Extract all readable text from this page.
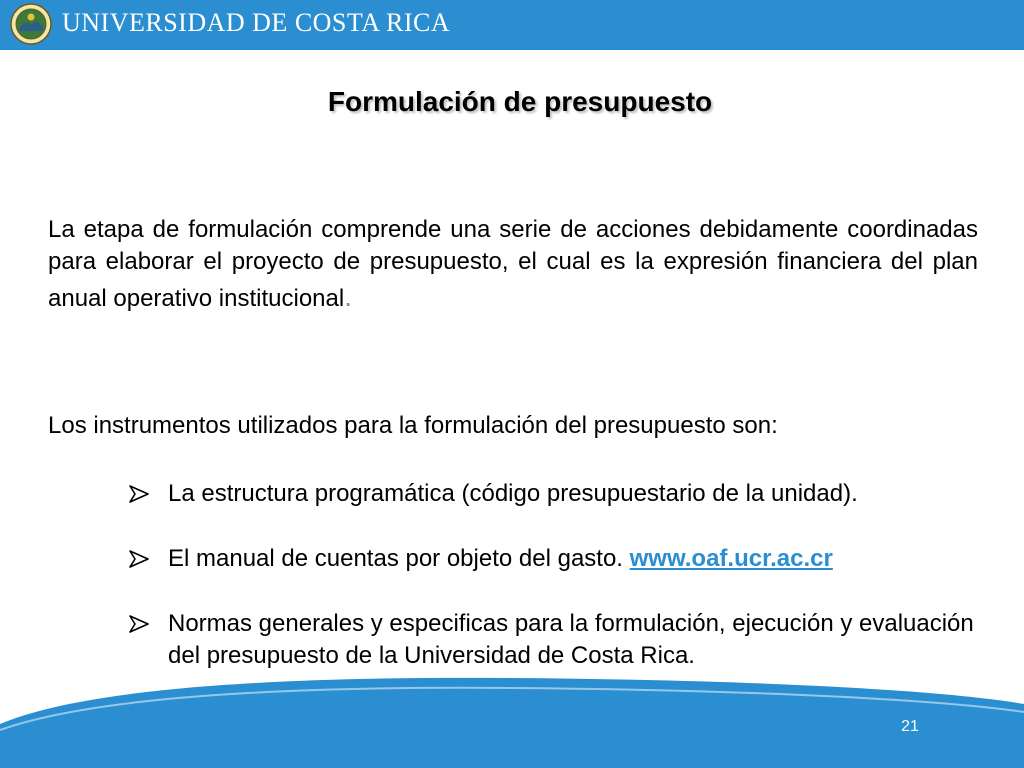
UNIVERSIDAD DE COSTA RICA
Formulación de presupuesto
La etapa de formulación comprende una serie de acciones debidamente coordinadas para elaborar el proyecto de presupuesto, el cual es la expresión financiera del plan anual operativo institucional.
Los instrumentos utilizados para la formulación del presupuesto son:
La estructura programática (código presupuestario de la unidad).
El manual de cuentas por objeto del gasto. www.oaf.ucr.ac.cr
Normas generales y especificas para la formulación, ejecución y evaluación del presupuesto de la Universidad de Costa Rica.
21
